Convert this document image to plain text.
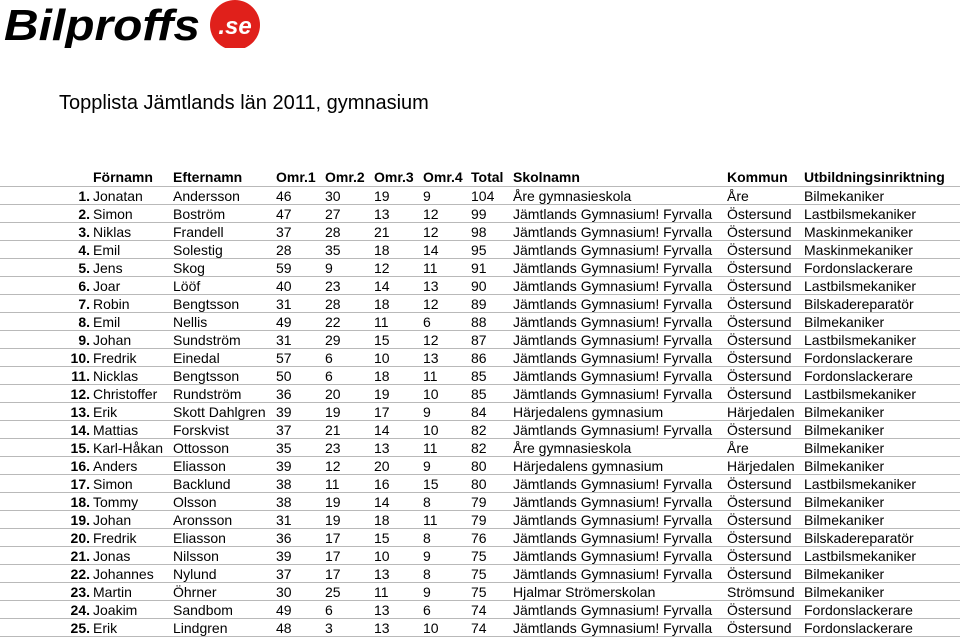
Bilproffs .se
Topplista Jämtlands län 2011, gymnasium
	Förnamn	Efternamn	Omr.1	Omr.2	Omr.3	Omr.4	Total	Skolnamn	Kommun	Utbildningsinriktning
1.	Jonatan	Andersson	46	30	19	9	104	Åre gymnasieskola	Åre	Bilmekaniker
2.	Simon	Boström	47	27	13	12	99	Jämtlands Gymnasium! Fyrvalla	Östersund	Lastbilsmekaniker
3.	Niklas	Frandell	37	28	21	12	98	Jämtlands Gymnasium! Fyrvalla	Östersund	Maskinmekaniker
4.	Emil	Solestig	28	35	18	14	95	Jämtlands Gymnasium! Fyrvalla	Östersund	Maskinmekaniker
5.	Jens	Skog	59	9	12	11	91	Jämtlands Gymnasium! Fyrvalla	Östersund	Fordonslackerare
6.	Joar	Lööf	40	23	14	13	90	Jämtlands Gymnasium! Fyrvalla	Östersund	Lastbilsmekaniker
7.	Robin	Bengtsson	31	28	18	12	89	Jämtlands Gymnasium! Fyrvalla	Östersund	Bilskadereparatör
8.	Emil	Nellis	49	22	11	6	88	Jämtlands Gymnasium! Fyrvalla	Östersund	Bilmekaniker
9.	Johan	Sundström	31	29	15	12	87	Jämtlands Gymnasium! Fyrvalla	Östersund	Lastbilsmekaniker
10.	Fredrik	Einedal	57	6	10	13	86	Jämtlands Gymnasium! Fyrvalla	Östersund	Fordonslackerare
11.	Nicklas	Bengtsson	50	6	18	11	85	Jämtlands Gymnasium! Fyrvalla	Östersund	Fordonslackerare
12.	Christoffer	Rundström	36	20	19	10	85	Jämtlands Gymnasium! Fyrvalla	Östersund	Lastbilsmekaniker
13.	Erik	Skott Dahlgren	39	19	17	9	84	Härjedalens gymnasium	Härjedalen	Bilmekaniker
14.	Mattias	Forskvist	37	21	14	10	82	Jämtlands Gymnasium! Fyrvalla	Östersund	Bilmekaniker
15.	Karl-Håkan	Ottosson	35	23	13	11	82	Åre gymnasieskola	Åre	Bilmekaniker
16.	Anders	Eliasson	39	12	20	9	80	Härjedalens gymnasium	Härjedalen	Bilmekaniker
17.	Simon	Backlund	38	11	16	15	80	Jämtlands Gymnasium! Fyrvalla	Östersund	Lastbilsmekaniker
18.	Tommy	Olsson	38	19	14	8	79	Jämtlands Gymnasium! Fyrvalla	Östersund	Bilmekaniker
19.	Johan	Aronsson	31	19	18	11	79	Jämtlands Gymnasium! Fyrvalla	Östersund	Bilmekaniker
20.	Fredrik	Eliasson	36	17	15	8	76	Jämtlands Gymnasium! Fyrvalla	Östersund	Bilskadereparatör
21.	Jonas	Nilsson	39	17	10	9	75	Jämtlands Gymnasium! Fyrvalla	Östersund	Lastbilsmekaniker
22.	Johannes	Nylund	37	17	13	8	75	Jämtlands Gymnasium! Fyrvalla	Östersund	Bilmekaniker
23.	Martin	Öhrner	30	25	11	9	75	Hjalmar Strömerskolan	Strömsund	Bilmekaniker
24.	Joakim	Sandbom	49	6	13	6	74	Jämtlands Gymnasium! Fyrvalla	Östersund	Fordonslackerare
25.	Erik	Lindgren	48	3	13	10	74	Jämtlands Gymnasium! Fyrvalla	Östersund	Fordonslackerare
